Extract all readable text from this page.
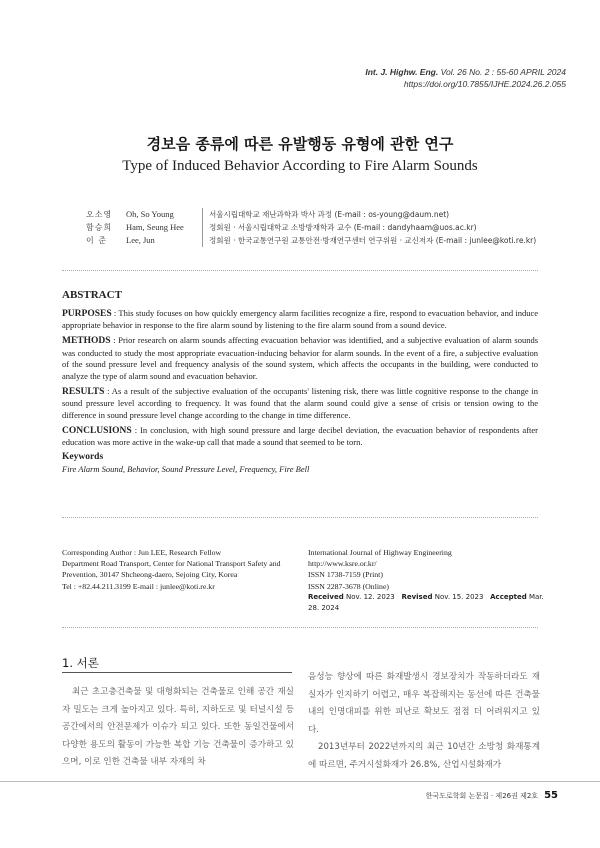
Int. J. Highw. Eng. Vol. 26 No. 2 : 55-60 APRIL 2024
https://doi.org/10.7855/IJHE.2024.26.2.055
경보음 종류에 따른 유발행동 유형에 관한 연구
Type of Induced Behavior According to Fire Alarm Sounds
오소영	Oh, So Young	서울시립대학교 재난과학과 박사 과정 (E-mail : os-young@daum.net)
함승희	Ham, Seung Hee	정회원 · 서울시립대학교 소방방재학과 교수 (E-mail : dandyhaam@uos.ac.kr)
이 준	Lee, Jun	정회원 · 한국교통연구원 교통안전·방재연구센터 연구위원 · 교신저자 (E-mail : junlee@koti.re.kr)
ABSTRACT

PURPOSES : This study focuses on how quickly emergency alarm facilities recognize a fire, respond to evacuation behavior, and induce appropriate behavior in response to the fire alarm sound by listening to the fire alarm sound from a sound device.

METHODS : Prior research on alarm sounds affecting evacuation behavior was identified, and a subjective evaluation of alarm sounds was conducted to study the most appropriate evacuation-inducing behavior for alarm sounds. In the event of a fire, a subjective evaluation of the sound pressure level and frequency analysis of the sound system, which affects the occupants in the building, were conducted to analyze the type of alarm sound and evacuation behavior.

RESULTS : As a result of the subjective evaluation of the occupants' listening risk, there was little cognitive response to the change in sound pressure level according to frequency. It was found that the alarm sound could give a sense of crisis or tension owing to the difference in sound pressure level change according to the change in time difference.

CONCLUSIONS : In conclusion, with high sound pressure and large decibel deviation, the evacuation behavior of respondents after education was more active in the wake-up call that made a sound that seemed to be torn.

Keywords
Fire Alarm Sound, Behavior, Sound Pressure Level, Frequency, Fire Bell
Corresponding Author : Jun LEE, Research Fellow
Department Road Transport, Center for National Transport Safety and
Prevention, 30147 Shcheong-daero, Sejoing City, Korea
Tel : +82.44.211.3199 E-mail : junlee@koti.re.kr
International Journal of Highway Engineering
http://www.ksre.or.kr/
ISSN 1738-7159 (Print)
ISSN 2287-3678 (Online)
Received Nov. 12. 2023 Revised Nov. 15. 2023 Accepted Mar. 28. 2024
1. 서론
최근 초고층건축물 및 대형화되는 건축물로 인해 공간 재실자 밀도는 크게 높아지고 있다. 특히, 지하도로 및 터널시설 등 공간에서의 안전문제가 이슈가 되고 있다. 또한 동일건물에서 다양한 용도의 활동이 가능한 복합 기능 건축물이 증가하고 있으며, 이로 인한 건축물 내부 자재의 차
음성능 향상에 따른 화재발생시 경보장치가 작동하더라도 재실자가 인지하기 어렵고, 매우 복잡해지는 동선에 따른 건축물 내의 인명대피를 위한 피난로 확보도 점점 더 어려워지고 있다.
2013년부터 2022년까지의 최근 10년간 소방청 화재통계에 따르면, 주거시설화재가 26.8%, 산업시설화재가
한국도로학회 논문집 · 제26권 제2호 55
